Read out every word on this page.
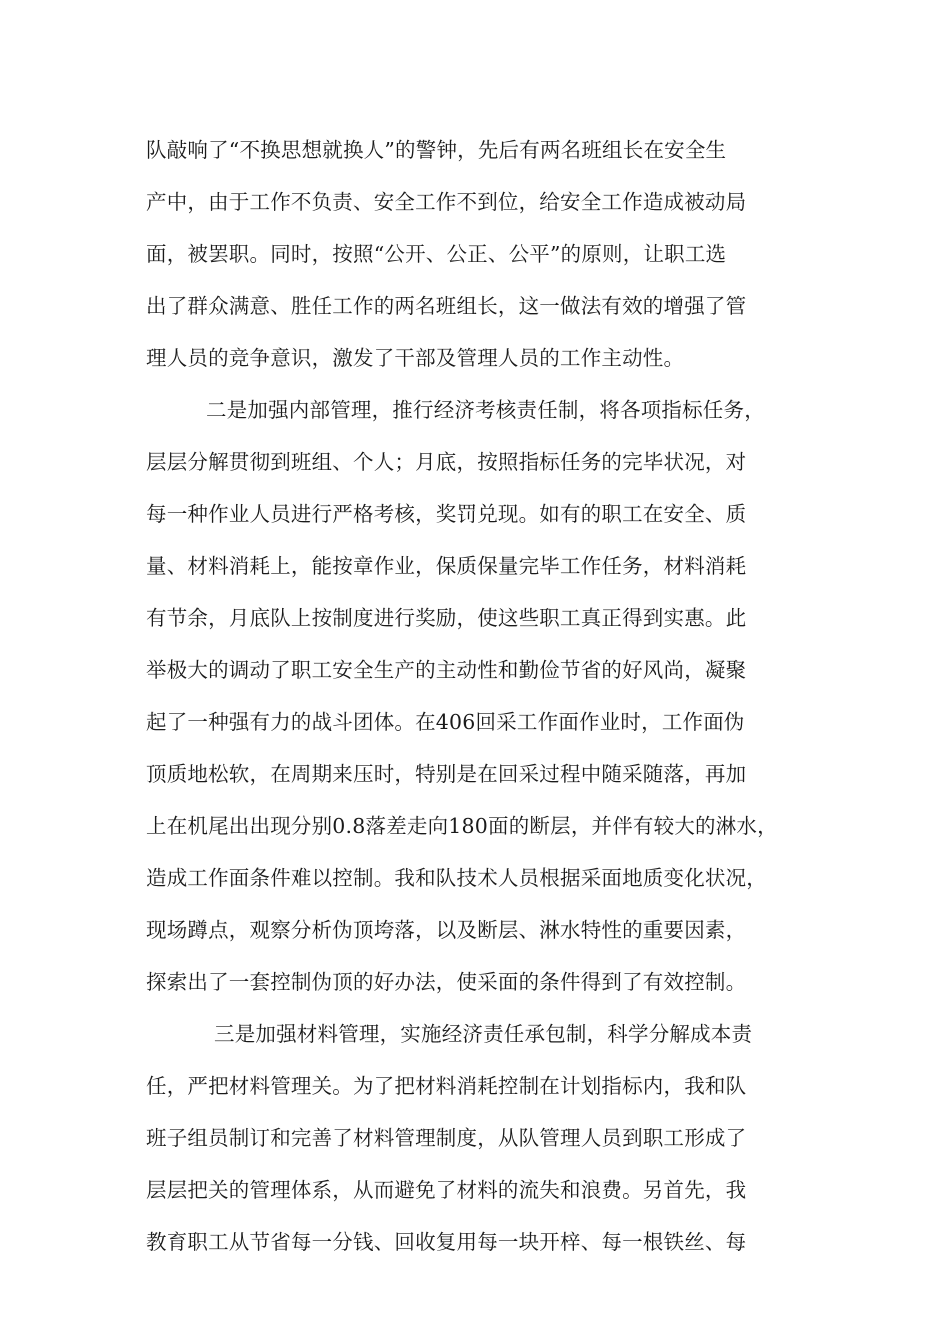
队敲响了“不换思想就换人”的警钟，先后有两名班组长在安全生
产中，由于工作不负责、安全工作不到位，给安全工作造成被动局
面，被罢职。同时，按照“公开、公正、公平”的原则，让职工选
出了群众满意、胜任工作的两名班组长，这一做法有效的增强了管
理人员的竞争意识，激发了干部及管理人员的工作主动性。
二是加强内部管理，推行经济考核责任制，将各项指标任务，
层层分解贯彻到班组、个人；月底，按照指标任务的完毕状况，对
每一种作业人员进行严格考核，奖罚兑现。如有的职工在安全、质
量、材料消耗上，能按章作业，保质保量完毕工作任务，材料消耗
有节余，月底队上按制度进行奖励，使这些职工真正得到实惠。此
举极大的调动了职工安全生产的主动性和勤俭节省的好风尚，凝聚
起了一种强有力的战斗团体。在406回采工作面作业时，工作面伪
顶质地松软，在周期来压时，特别是在回采过程中随采随落，再加
上在机尾出出现分别0.8落差走向180面的断层，并伴有较大的淋水，
造成工作面条件难以控制。我和队技术人员根据采面地质变化状况，
现场蹲点，观察分析伪顶垮落，以及断层、淋水特性的重要因素，
探索出了一套控制伪顶的好办法，使采面的条件得到了有效控制。
三是加强材料管理，实施经济责任承包制，科学分解成本责
任，严把材料管理关。为了把材料消耗控制在计划指标内，我和队
班子组员制订和完善了材料管理制度，从队管理人员到职工形成了
层层把关的管理体系，从而避免了材料的流失和浪费。另首先，我
教育职工从节省每一分钱、回收复用每一块开梓、每一根铁丝、每
